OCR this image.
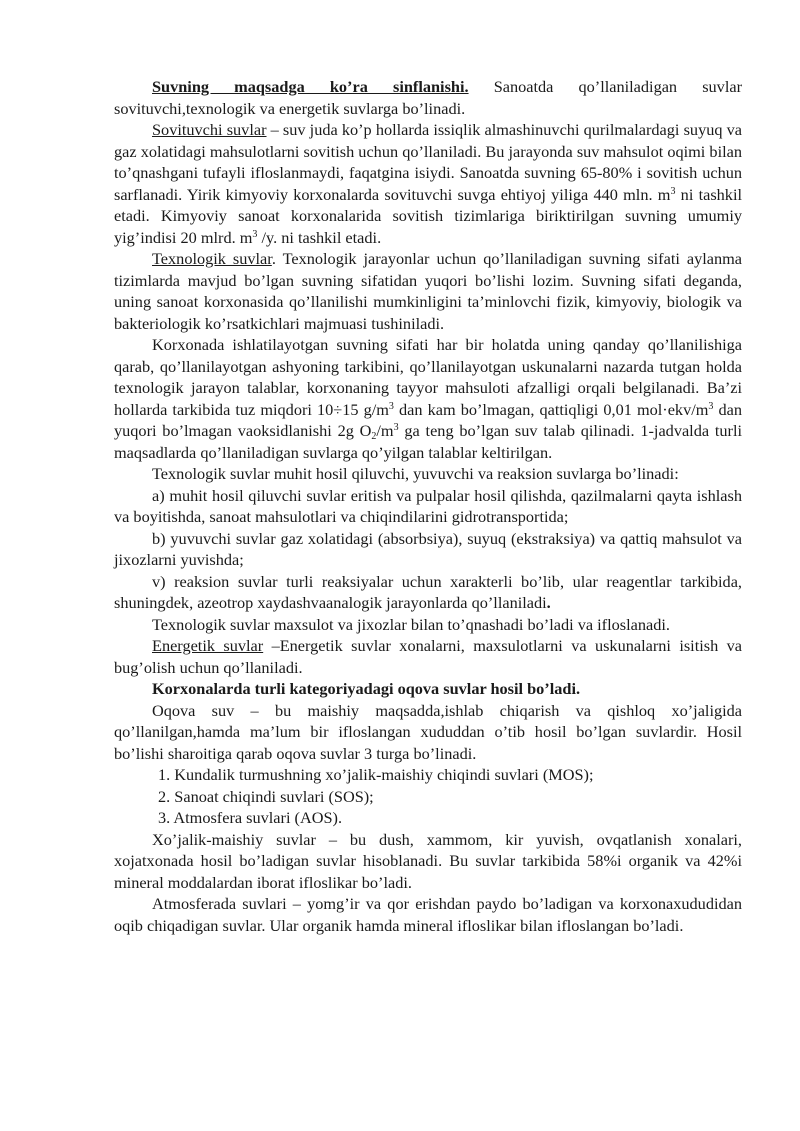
Suvning maqsadga ko’ra sinflanishi. Sanoatda qo’llaniladigan suvlar sovituvchi,texnologik va energetik suvlarga bo’linadi.

Sovituvchi suvlar – suv juda ko’p hollarda issiqlik almashinuvchi qurilmalardagi suyuq va gaz xolatidagi mahsulotlarni sovitish uchun qo’llaniladi. Bu jarayonda suv mahsulot oqimi bilan to’qnashgani tufayli ifloslanmaydi, faqatgina isiydi. Sanoatda suvning 65-80% i sovitish uchun sarflanadi. Yirik kimyoviy korxonalarda sovituvchi suvga ehtiyoj yiliga 440 mln. $m^3$ ni tashkil etadi. Kimyoviy sanoat korxonalarida sovitish tizimlariga biriktirilgan suvning umumiy yig’indisi 20 mlrd. $m^3$ /y. ni tashkil etadi.

Texnologik suvlar. Texnologik jarayonlar uchun qo’llaniladigan suvning sifati aylanma tizimlarda mavjud bo’lgan suvning sifatidan yuqori bo’lishi lozim. Suvning sifati deganda, uning sanoat korxonasida qo’llanilishi mumkinligini ta’minlovchi fizik, kimyoviy, biologik va bakteriologik ko’rsatkichlari majmuasi tushiniladi.

Korxonada ishlatilayotgan suvning sifati har bir holatda uning qanday qo’llanilishiga qarab, qo’llanilayotgan ashyoning tarkibini, qo’llanilayotgan uskunalarni nazarda tutgan holda texnologik jarayon talablar, korxonaning tayyor mahsuloti afzalligi orqali belgilanadi. Ba’zi hollarda tarkibida tuz miqdori 10÷15 $g/m^3$ dan kam bo’lmagan, qattiqligi 0,01 $mol\cdot ekv/m^3$ dan yuqori bo’lmagan vaoksidlanishi 2g $O_2/m^3$ ga teng bo’lgan suv talab qilinadi. 1-jadvalda turli maqsadlarda qo’llaniladigan suvlarga qo’yilgan talablar keltirilgan.

Texnologik suvlar muhit hosil qiluvchi, yuvuvchi va reaksion suvlarga bo’linadi:

a) muhit hosil qiluvchi suvlar eritish va pulpalar hosil qilishda, qazilmalarni qayta ishlash va boyitishda, sanoat mahsulotlari va chiqindilarini gidrotransportida;

b) yuvuvchi suvlar gaz xolatidagi (absorbsiya), suyuq (ekstraksiya) va qattiq mahsulot va jixozlarni yuvishda;

v) reaksion suvlar turli reaksiyalar uchun xarakterli bo’lib, ular reagentlar tarkibida, shuningdek, azeotrop xaydashvaanalogik jarayonlarda qo’llaniladi.

Texnologik suvlar maxsulot va jixozlar bilan to’qnashadi bo’ladi va ifloslanadi.

Energetik suvlar –Energetik suvlar xonalarni, maxsulotlarni va uskunalarni isitish va bug’olish uchun qo’llaniladi.

Korxonalarda turli kategoriyadagi oqova suvlar hosil bo’ladi.

Oqova suv – bu maishiy maqsadda,ishlab chiqarish va qishloq xo’jaligida qo’llanilgan,hamda ma’lum bir ifloslangan xududdan o’tib hosil bo’lgan suvlardir. Hosil bo’lishi sharoitiga qarab oqova suvlar 3 turga bo’linadi.

1. Kundalik turmushning xo’jalik-maishiy chiqindi suvlari (MOS);

2. Sanoat chiqindi suvlari (SOS);

3. Atmosfera suvlari (AOS).

Xo’jalik-maishiy suvlar – bu dush, xammom, kir yuvish, ovqatlanish xonalari, xojatxonada hosil bo’ladigan suvlar hisoblanadi. Bu suvlar tarkibida 58%i organik va 42%i mineral moddalardan iborat ifloslikar bo’ladi.

Atmosferada suvlari – yomg’ir va qor erishdan paydo bo’ladigan va korxonaxududidan oqib chiqadigan suvlar. Ular organik hamda mineral ifloslikar bilan ifloslangan bo’ladi.
